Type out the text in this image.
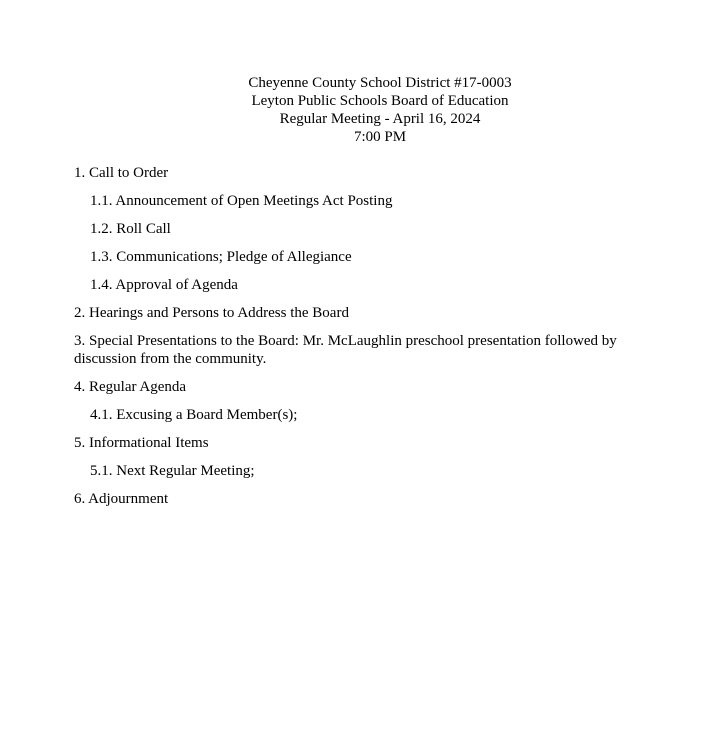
Cheyenne County School District #17-0003
Leyton Public Schools Board of Education
Regular Meeting - April 16, 2024
7:00 PM
1. Call to Order
1.1. Announcement of Open Meetings Act Posting
1.2. Roll Call
1.3. Communications; Pledge of Allegiance
1.4. Approval of Agenda
2. Hearings and Persons to Address the Board
3. Special Presentations to the Board: Mr. McLaughlin preschool presentation followed by discussion from the community.
4. Regular Agenda
4.1. Excusing a Board Member(s);
5. Informational Items
5.1. Next Regular Meeting;
6. Adjournment
